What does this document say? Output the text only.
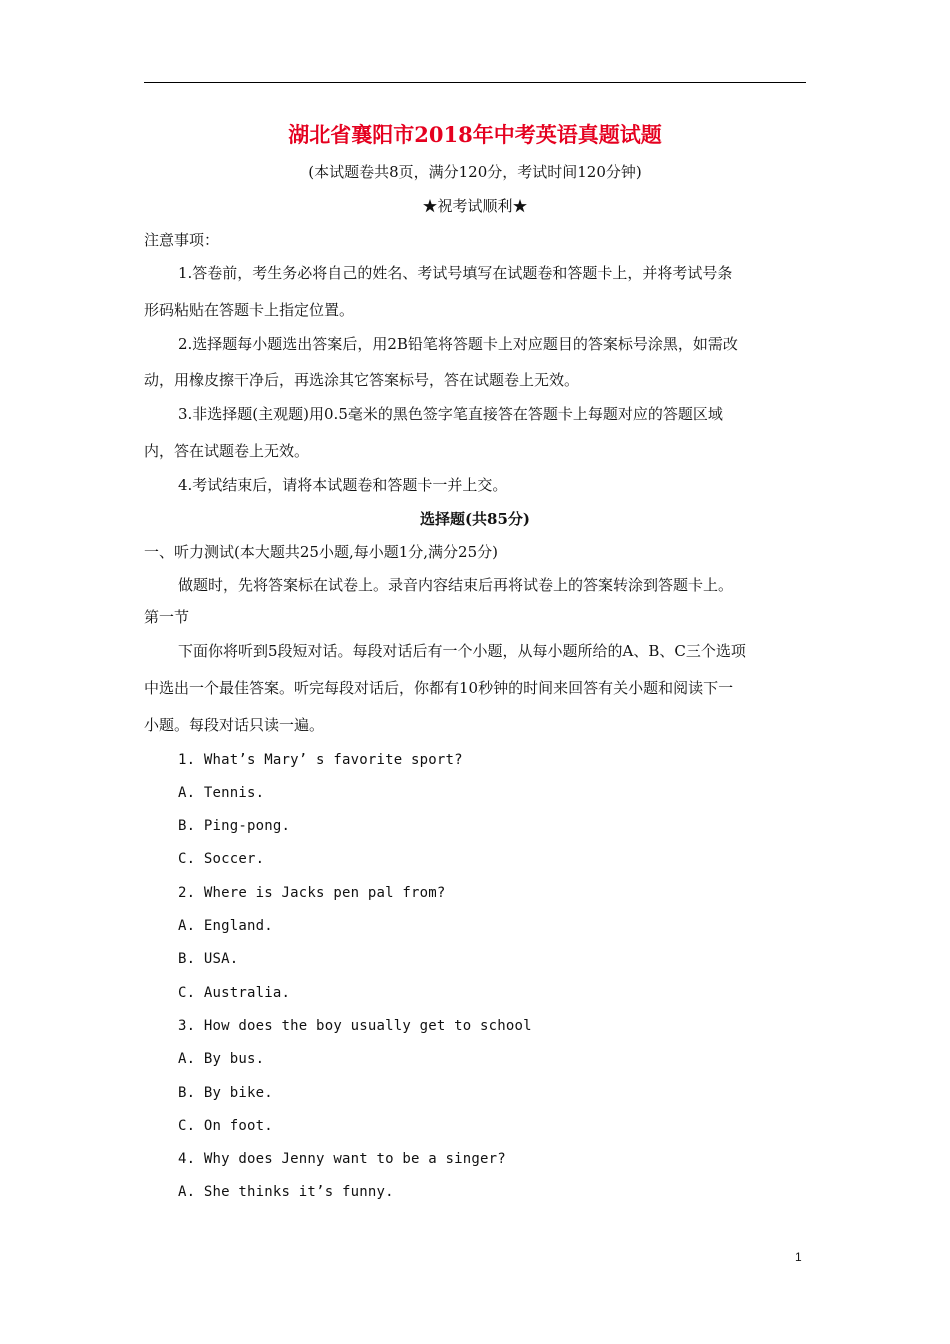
湖北省襄阳市2018年中考英语真题试题
(本试题卷共8页，满分120分，考试时间120分钟)
★祝考试顺利★
注意事项：
1.答卷前，考生务必将自己的姓名、考试号填写在试题卷和答题卡上，并将考试号条
形码粘贴在答题卡上指定位置。
2.选择题每小题选出答案后，用2B铅笔将答题卡上对应题目的答案标号涂黑，如需改
动，用橡皮擦干净后，再选涂其它答案标号，答在试题卷上无效。
3.非选择题(主观题)用0.5毫米的黑色签字笔直接答在答题卡上每题对应的答题区域
内，答在试题卷上无效。
4.考试结束后，请将本试题卷和答题卡一并上交。
选择题(共85分)
一、听力测试(本大题共25小题,每小题1分,满分25分)
做题时，先将答案标在试卷上。录音内容结束后再将试卷上的答案转涂到答题卡上。
第一节
下面你将听到5段短对话。每段对话后有一个小题，从每小题所给的A、B、C三个选项
中选出一个最佳答案。听完每段对话后，你都有10秒钟的时间来回答有关小题和阅读下一
小题。每段对话只读一遍。
1. What’s Mary’ s favorite sport?
A. Tennis.
B. Ping-pong.
C. Soccer.
2. Where is Jacks pen pal from?
A. England.
B. USA.
C. Australia.
3. How does the boy usually get to school
A. By bus.
B. By bike.
C. On foot.
4. Why does Jenny want to be a singer?
A. She thinks it’s funny.
1
